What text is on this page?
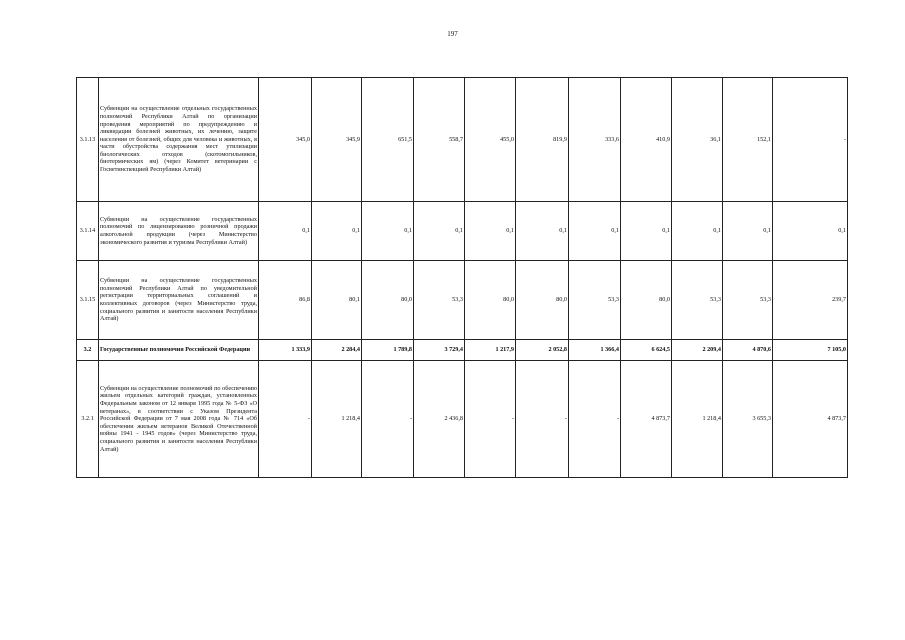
197
3.1.13	Субвенции на осуществление отдельных государственных полномочий Республики Алтай по организации проведения мероприятий по предупреждению и ликвидации болезней животных, их лечению, защите населения от болезней, общих для человека и животных, в части обустройства содержания мест утилизации биологических отходов (скотомогильников, биотермических ям) (через Комитет ветеринарии с Госветинспекцией Республики Алтай)	345,0	345,9	651,5	558,7	455,0	819,9	333,6	410,9	36,1	152,1	-
3.1.14	Субвенции на осуществление государственных полномочий по лицензированию розничной продажи алкогольной продукции (через Министерство экономического развития и туризма Республики Алтай)	0,1	0,1	0,1	0,1	0,1	0,1	0,1	0,1	0,1	0,1	0,1
3.1.15	Субвенции на осуществление государственных полномочий Республики Алтай по уведомительной регистрации территориальных соглашений и коллективных договоров (через Министерство труда, социального развития и занятости населения Республики Алтай)	86,8	80,1	80,0	53,3	80,0	80,0	53,3	80,0	53,3	53,3	239,7
3.2	Государственные полномочия Российской Федерации	1 333,9	2 284,4	1 789,8	3 729,4	1 217,9	2 052,8	1 366,4	6 624,5	2 209,4	4 870,6	7 105,0
3.2.1	Субвенции на осуществление полномочий по обеспечению жильем отдельных категорий граждан, установленных Федеральным законом от 12 января 1995 года № 5-ФЗ «О ветеранах», в соответствии с Указом Президента Российской Федерации от 7 мая 2008 года № 714 «Об обеспечении жильем ветеранов Великой Отечественной войны 1941 - 1945 годов» (через Министерство труда, социального развития и занятости населения Республики Алтай)	-	1 218,4	-	2 436,8	-	-	-	4 873,7	1 218,4	3 655,3	4 873,7
